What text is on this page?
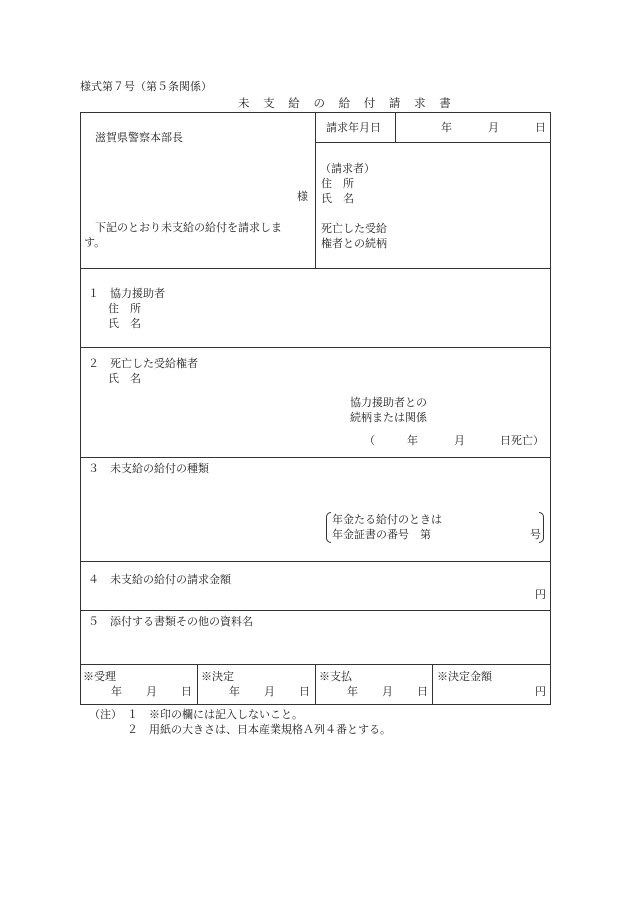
様式第７号（第５条関係）
未 支 給 の 給 付 請 求 書
滋賀県警察本部長
様
下記のとおり未支給の給付を請求しま
す。
請求年月日	年	月	日
（請求者）
住　所
氏　名
死亡した受給
権者との続柄
１　協力援助者
住　所
氏　名
２　死亡した受給権者
氏　名
協力援助者との
続柄または関係
（	年	月	日死亡）
３　未支給の給付の種類
年金たる給付のときは
年金証書の番号　第	号
４　未支給の給付の請求金額
円
５　添付する書類その他の資料名
※受理
年 月 日
※決定
年 月 日
※支払
年 月 日
※決定金額
円
（注） １ ※印の欄には記入しないこと。
２ 用紙の大きさは、日本産業規格Ａ列４番とする。
